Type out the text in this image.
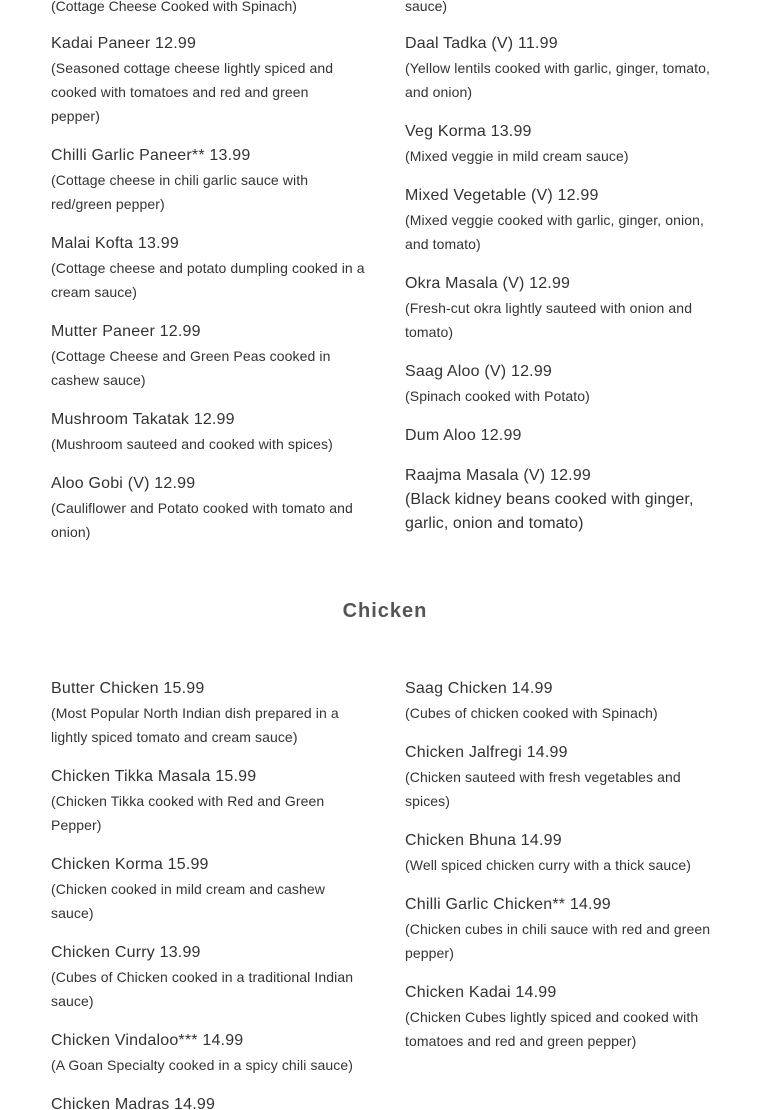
(Cottage Cheese Cooked with Spinach)	sauce)
Kadai Paneer 12.99
(Seasoned cottage cheese lightly spiced and cooked with tomatoes and red and green pepper)
Chilli Garlic Paneer** 13.99
(Cottage cheese in chili garlic sauce with red/green pepper)
Malai Kofta 13.99
(Cottage cheese and potato dumpling cooked in a cream sauce)
Mutter Paneer 12.99
(Cottage Cheese and Green Peas cooked in cashew sauce)
Mushroom Takatak 12.99
(Mushroom sauteed and cooked with spices)
Aloo Gobi (V) 12.99
(Cauliflower and Potato cooked with tomato and onion)
Daal Tadka (V) 11.99
(Yellow lentils cooked with garlic, ginger, tomato, and onion)
Veg Korma 13.99
(Mixed veggie in mild cream sauce)
Mixed Vegetable (V) 12.99
(Mixed veggie cooked with garlic, ginger, onion, and tomato)
Okra Masala (V) 12.99
(Fresh-cut okra lightly sauteed with onion and tomato)
Saag Aloo (V) 12.99
(Spinach cooked with Potato)
Dum Aloo 12.99
Raajma Masala (V) 12.99
(Black kidney beans cooked with ginger, garlic, onion and tomato)
Chicken
Butter Chicken 15.99
(Most Popular North Indian dish prepared in a lightly spiced tomato and cream sauce)
Chicken Tikka Masala 15.99
(Chicken Tikka cooked with Red and Green Pepper)
Chicken Korma 15.99
(Chicken cooked in mild cream and cashew sauce)
Chicken Curry 13.99
(Cubes of Chicken cooked in a traditional Indian sauce)
Chicken Vindaloo*** 14.99
(A Goan Specialty cooked in a spicy chili sauce)
Chicken Madras 14.99
Saag Chicken 14.99
(Cubes of chicken cooked with Spinach)
Chicken Jalfregi 14.99
(Chicken sauteed with fresh vegetables and spices)
Chicken Bhuna 14.99
(Well spiced chicken curry with a thick sauce)
Chilli Garlic Chicken** 14.99
(Chicken cubes in chili sauce with red and green pepper)
Chicken Kadai 14.99
(Chicken Cubes lightly spiced and cooked with tomatoes and red and green pepper)
